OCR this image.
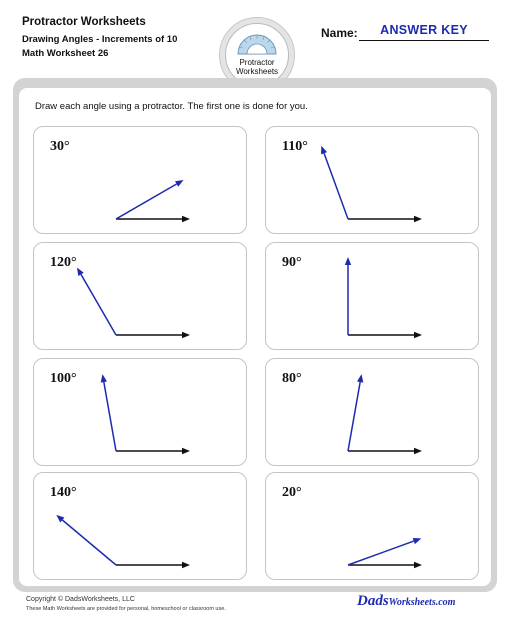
Protractor Worksheets
Drawing Angles - Increments of 10
Math Worksheet 26
Protractor
Worksheets
Name:	ANSWER KEY
Draw each angle using a protractor. The first one is done for you.
30°	110°
120°	90°
100°	80°
140°	20°
Copyright © DadsWorksheets, LLC
These Math Worksheets are provided for personal, homeschool or classroom use.	DadsWorksheets.com
